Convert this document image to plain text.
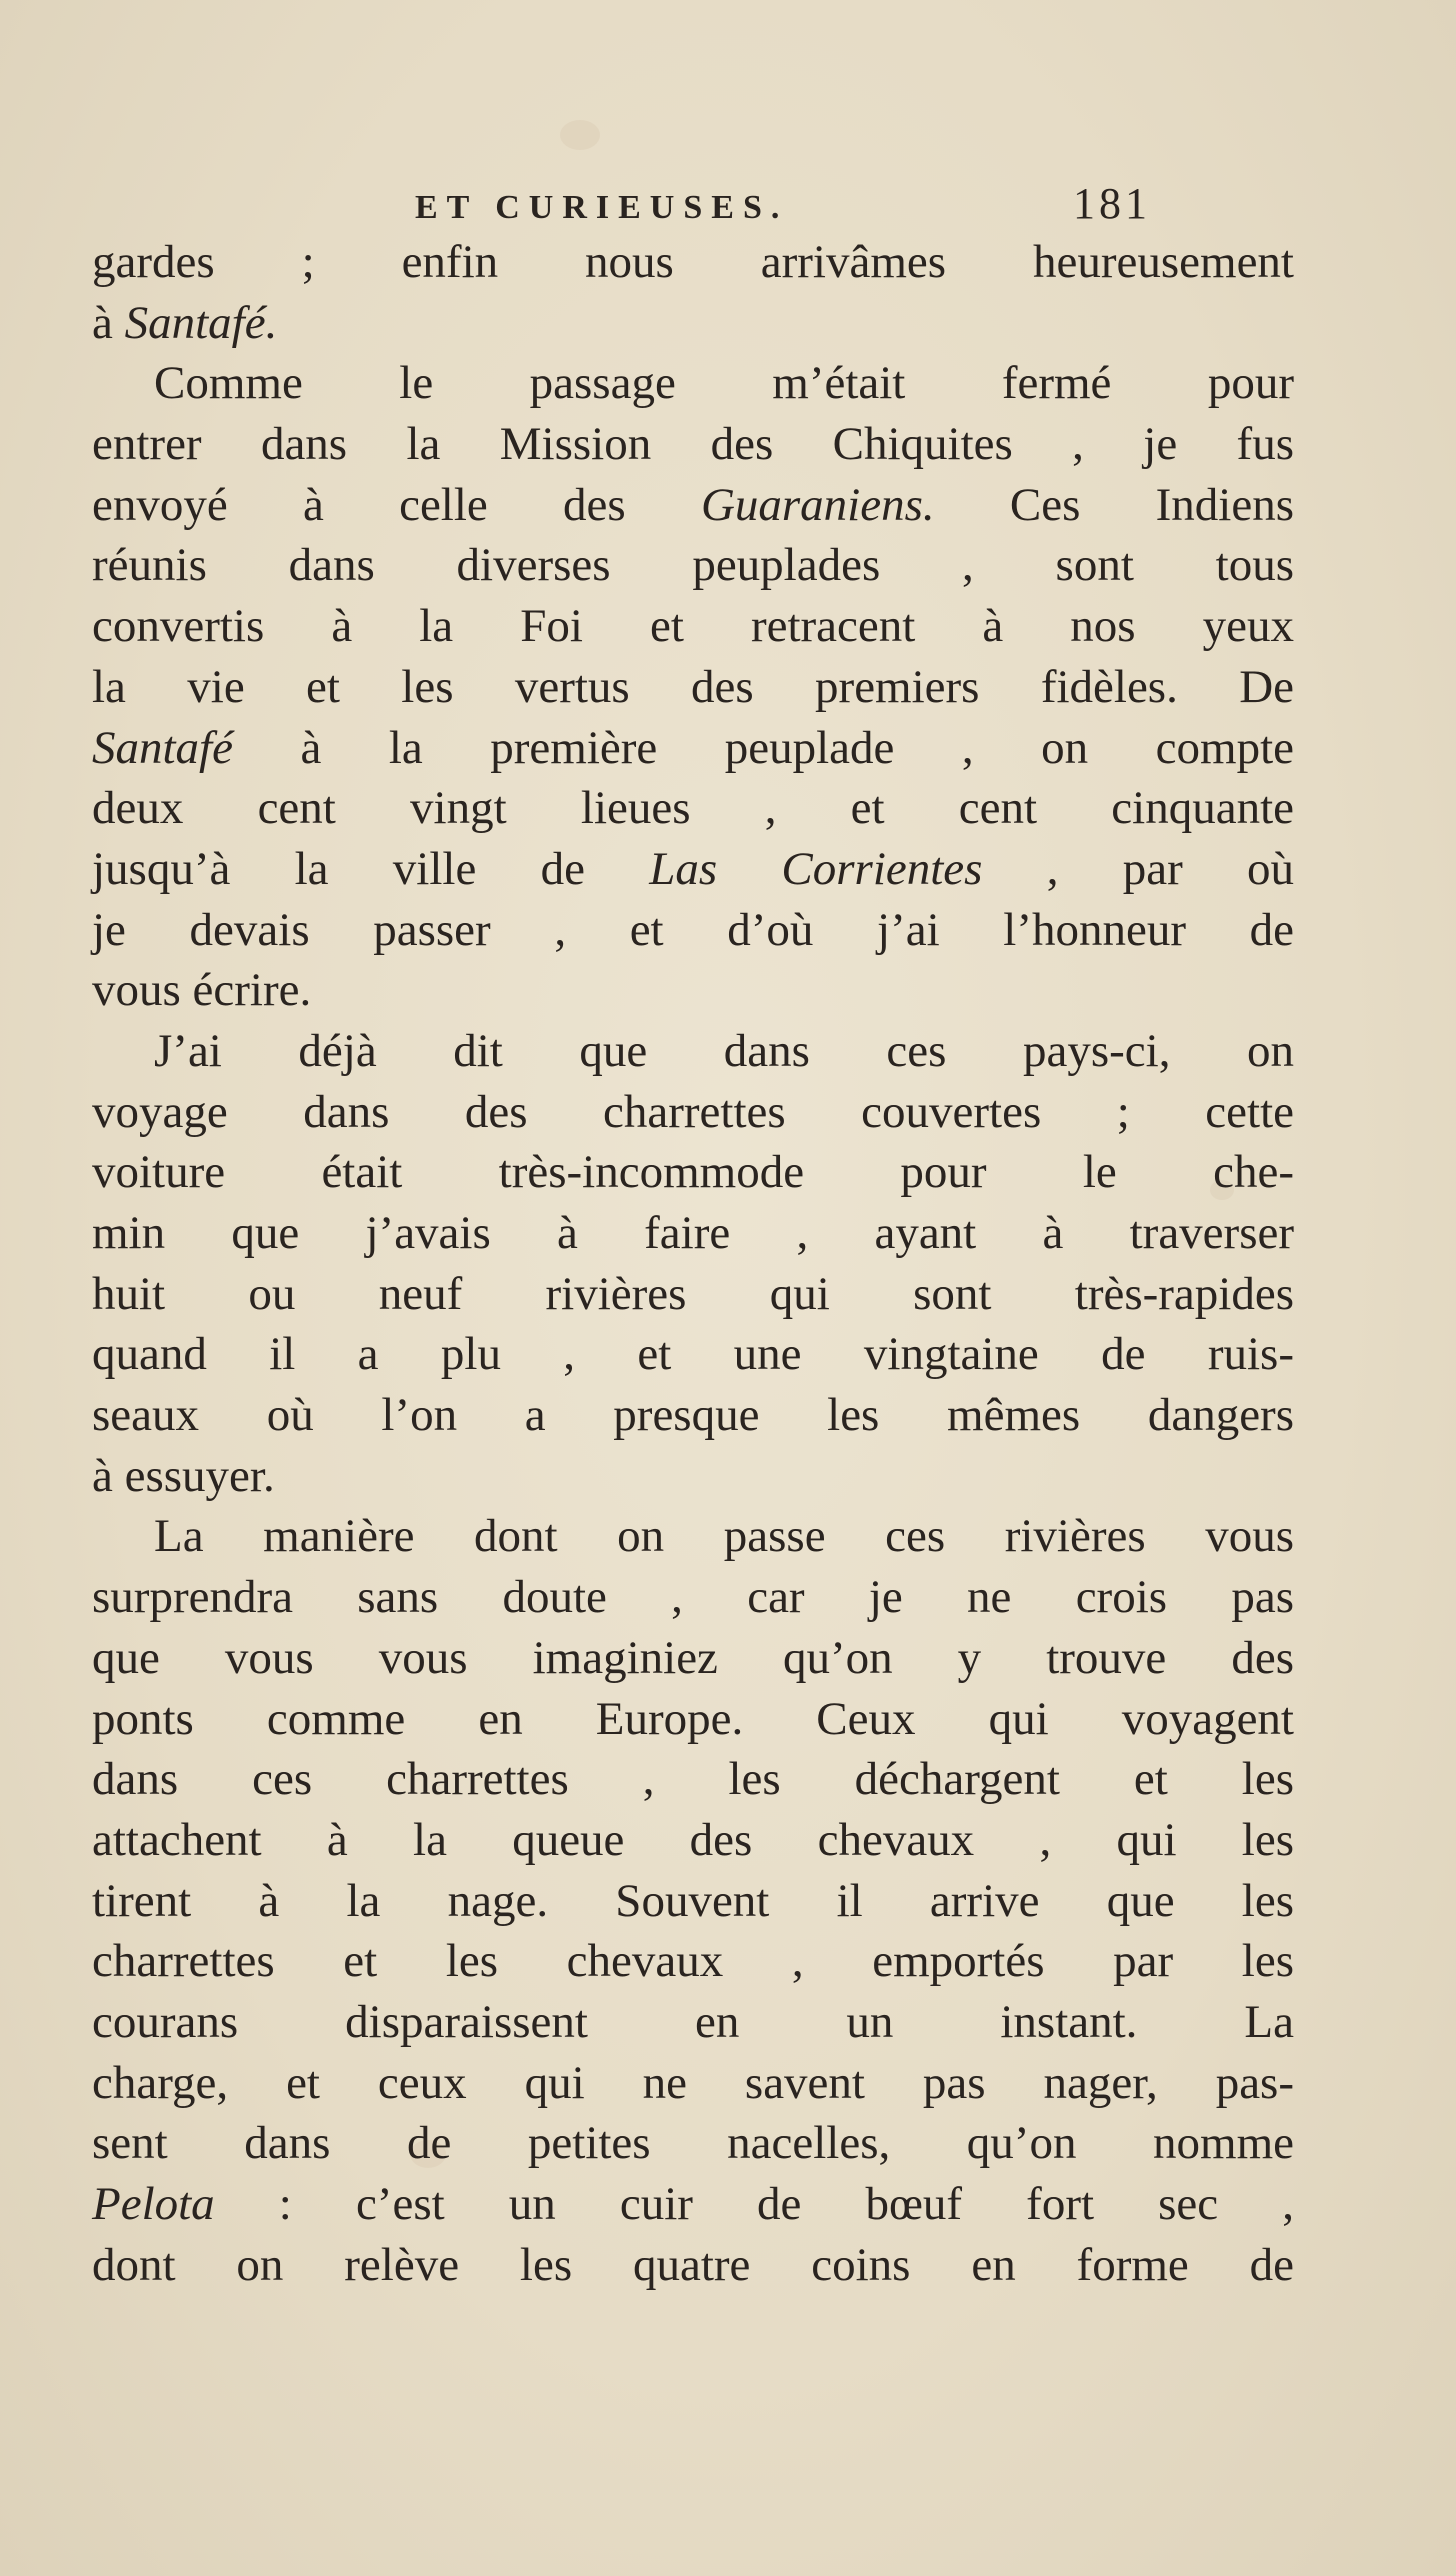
ET CURIEUSES.	181
gardes ; enfin nous arrivâmes heureusement
à Santafé.
Comme le passage m’était fermé pour
entrer dans la Mission des Chiquites , je fus
envoyé à celle des Guaraniens. Ces Indiens
réunis dans diverses peuplades , sont tous
convertis à la Foi et retracent à nos yeux
la vie et les vertus des premiers fidèles. De
Santafé à la première peuplade , on compte
deux cent vingt lieues , et cent cinquante
jusqu’à la ville de Las Corrientes , par où
je devais passer , et d’où j’ai l’honneur de
vous écrire.
J’ai déjà dit que dans ces pays-ci, on
voyage dans des charrettes couvertes ; cette
voiture était très-incommode pour le che-
min que j’avais à faire , ayant à traverser
huit ou neuf rivières qui sont très-rapides
quand il a plu , et une vingtaine de ruis-
seaux où l’on a presque les mêmes dangers
à essuyer.
La manière dont on passe ces rivières vous
surprendra sans doute , car je ne crois pas
que vous vous imaginiez qu’on y trouve des
ponts comme en Europe. Ceux qui voyagent
dans ces charrettes , les déchargent et les
attachent à la queue des chevaux , qui les
tirent à la nage. Souvent il arrive que les
charrettes et les chevaux , emportés par les
courans disparaissent en un instant. La
charge, et ceux qui ne savent pas nager, pas-
sent dans de petites nacelles, qu’on nomme
Pelota : c’est un cuir de bœuf fort sec ,
dont on relève les quatre coins en forme de
